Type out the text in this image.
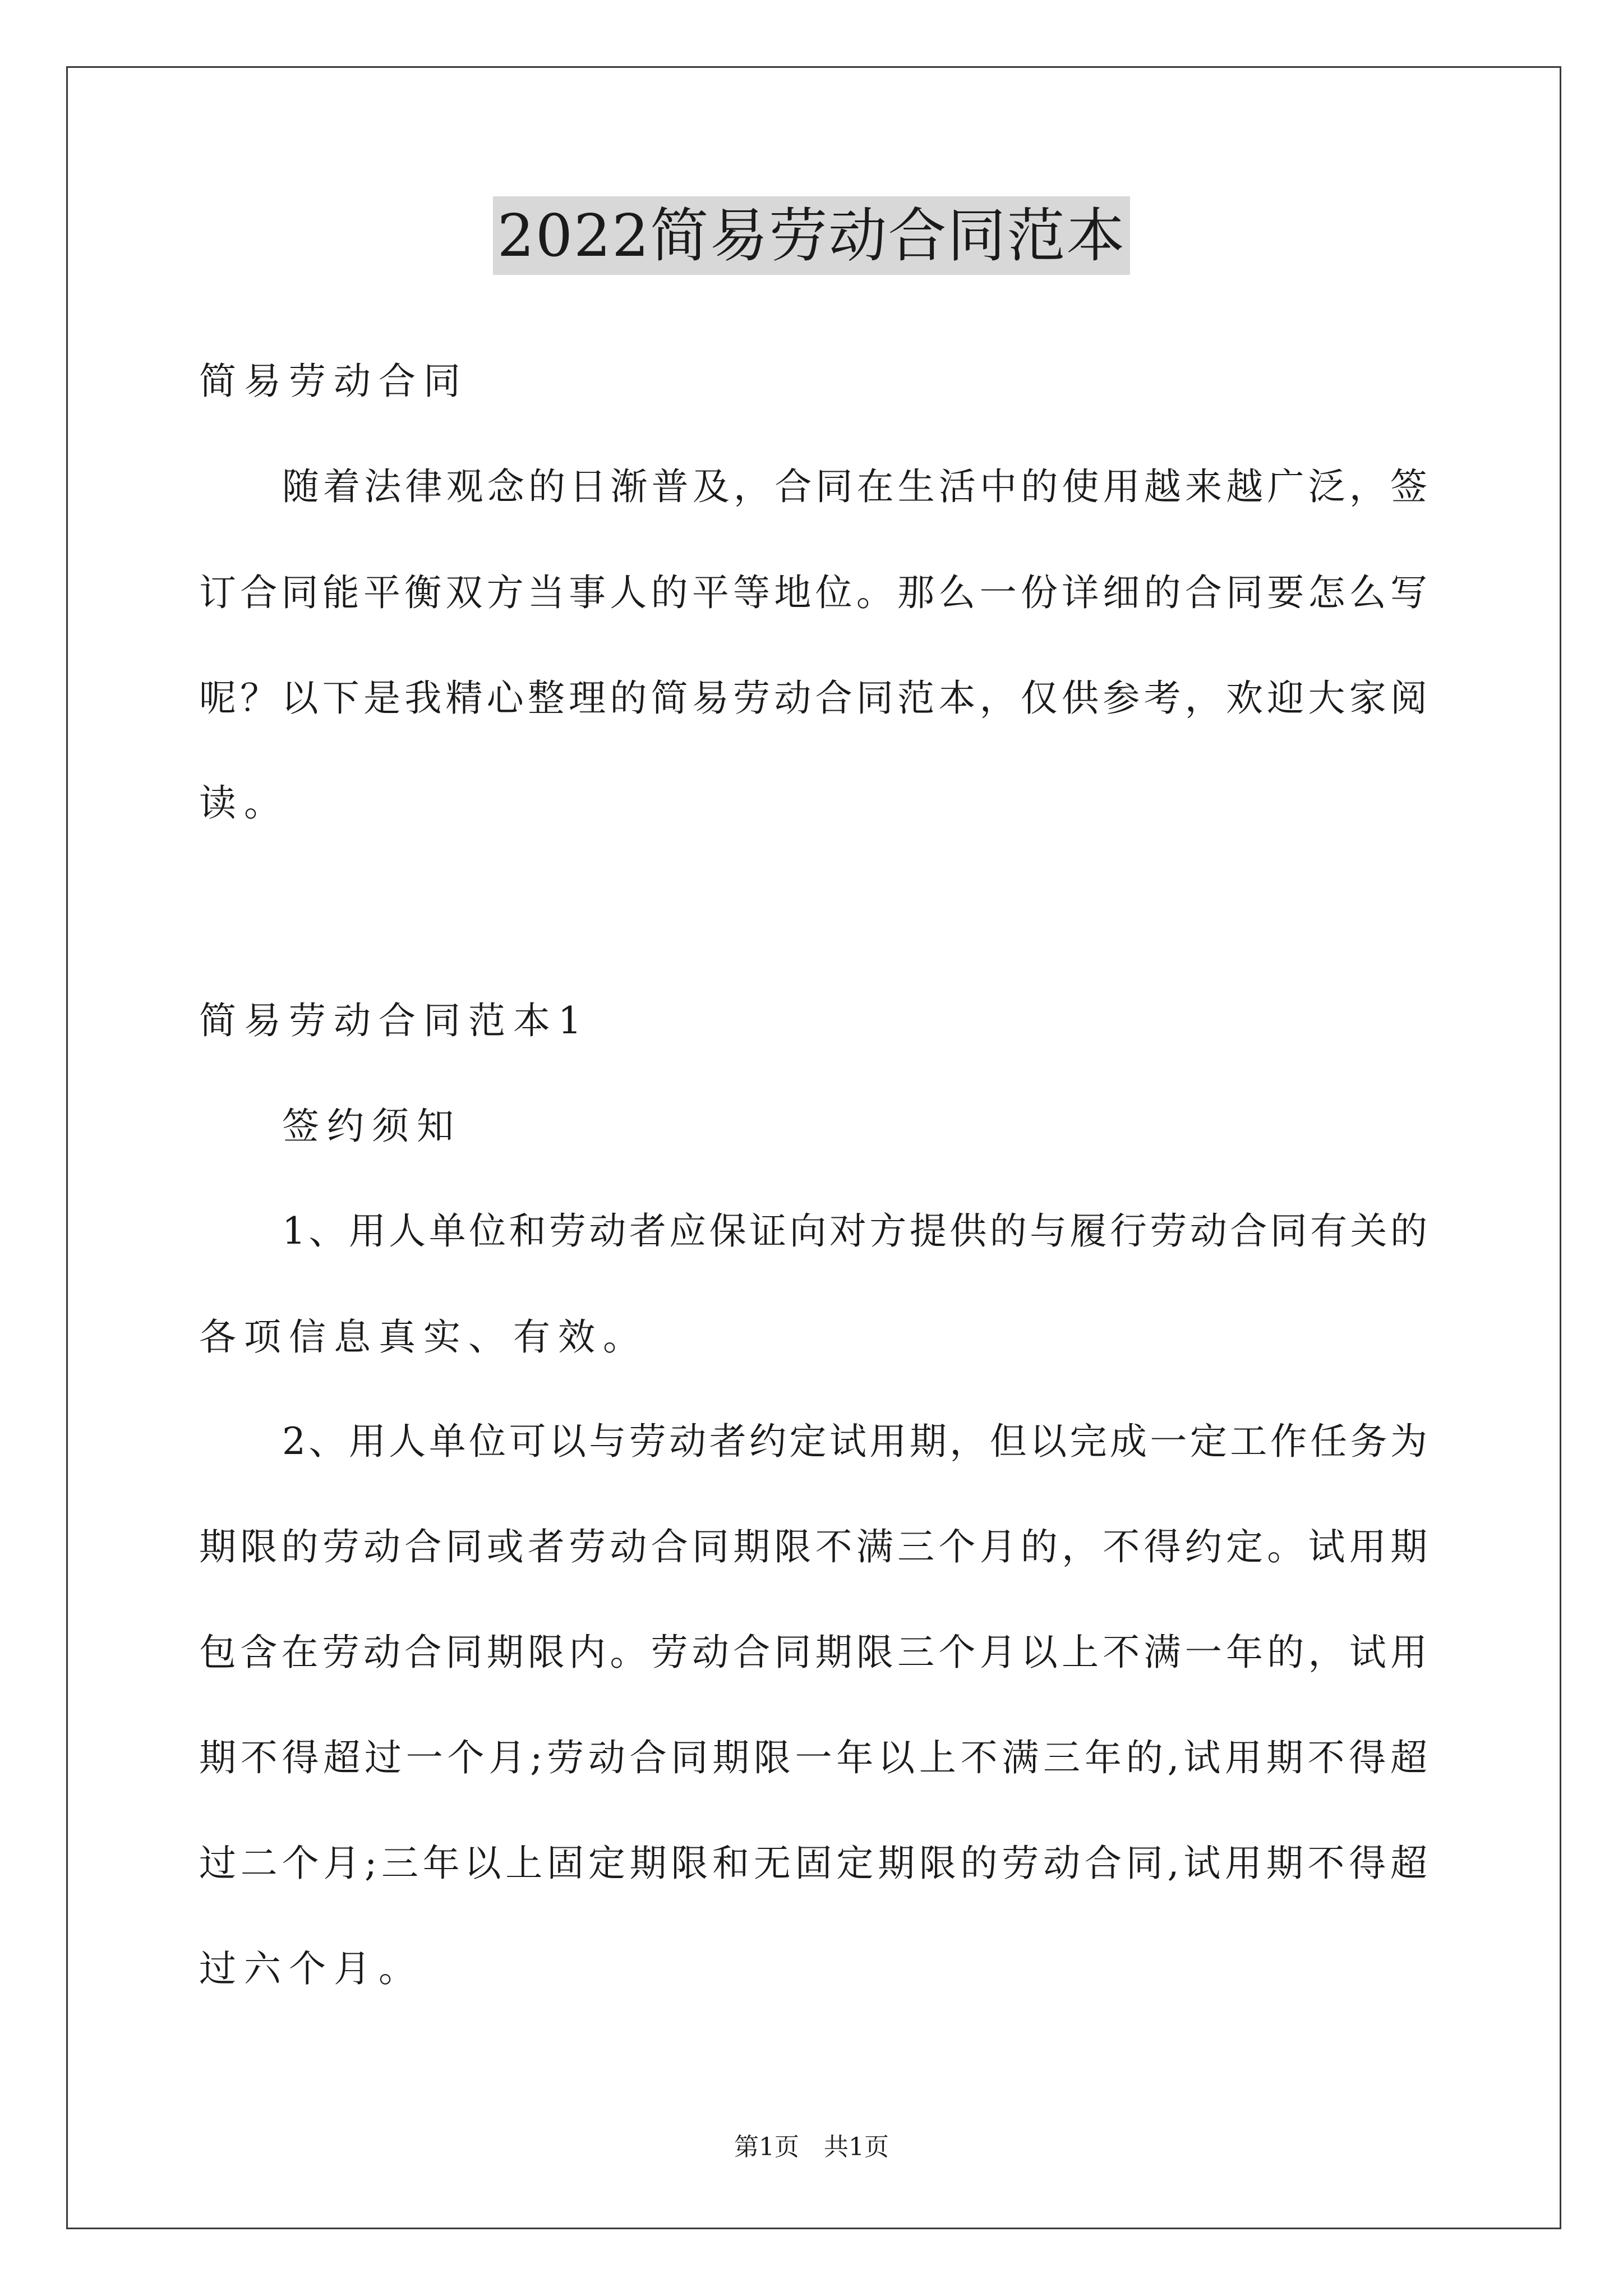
2022简易劳动合同范本
简易劳动合同
随着法律观念的日渐普及，合同在生活中的使用越来越广泛，签
订合同能平衡双方当事人的平等地位。那么一份详细的合同要怎么写
呢？以下是我精心整理的简易劳动合同范本，仅供参考，欢迎大家阅
读。
简易劳动合同范本1
签约须知
1、用人单位和劳动者应保证向对方提供的与履行劳动合同有关的
各项信息真实、有效。
2、用人单位可以与劳动者约定试用期，但以完成一定工作任务为
期限的劳动合同或者劳动合同期限不满三个月的，不得约定。试用期
包含在劳动合同期限内。劳动合同期限三个月以上不满一年的，试用
期不得超过一个月;劳动合同期限一年以上不满三年的,试用期不得超
过二个月;三年以上固定期限和无固定期限的劳动合同,试用期不得超
过六个月。
第1页　共1页
